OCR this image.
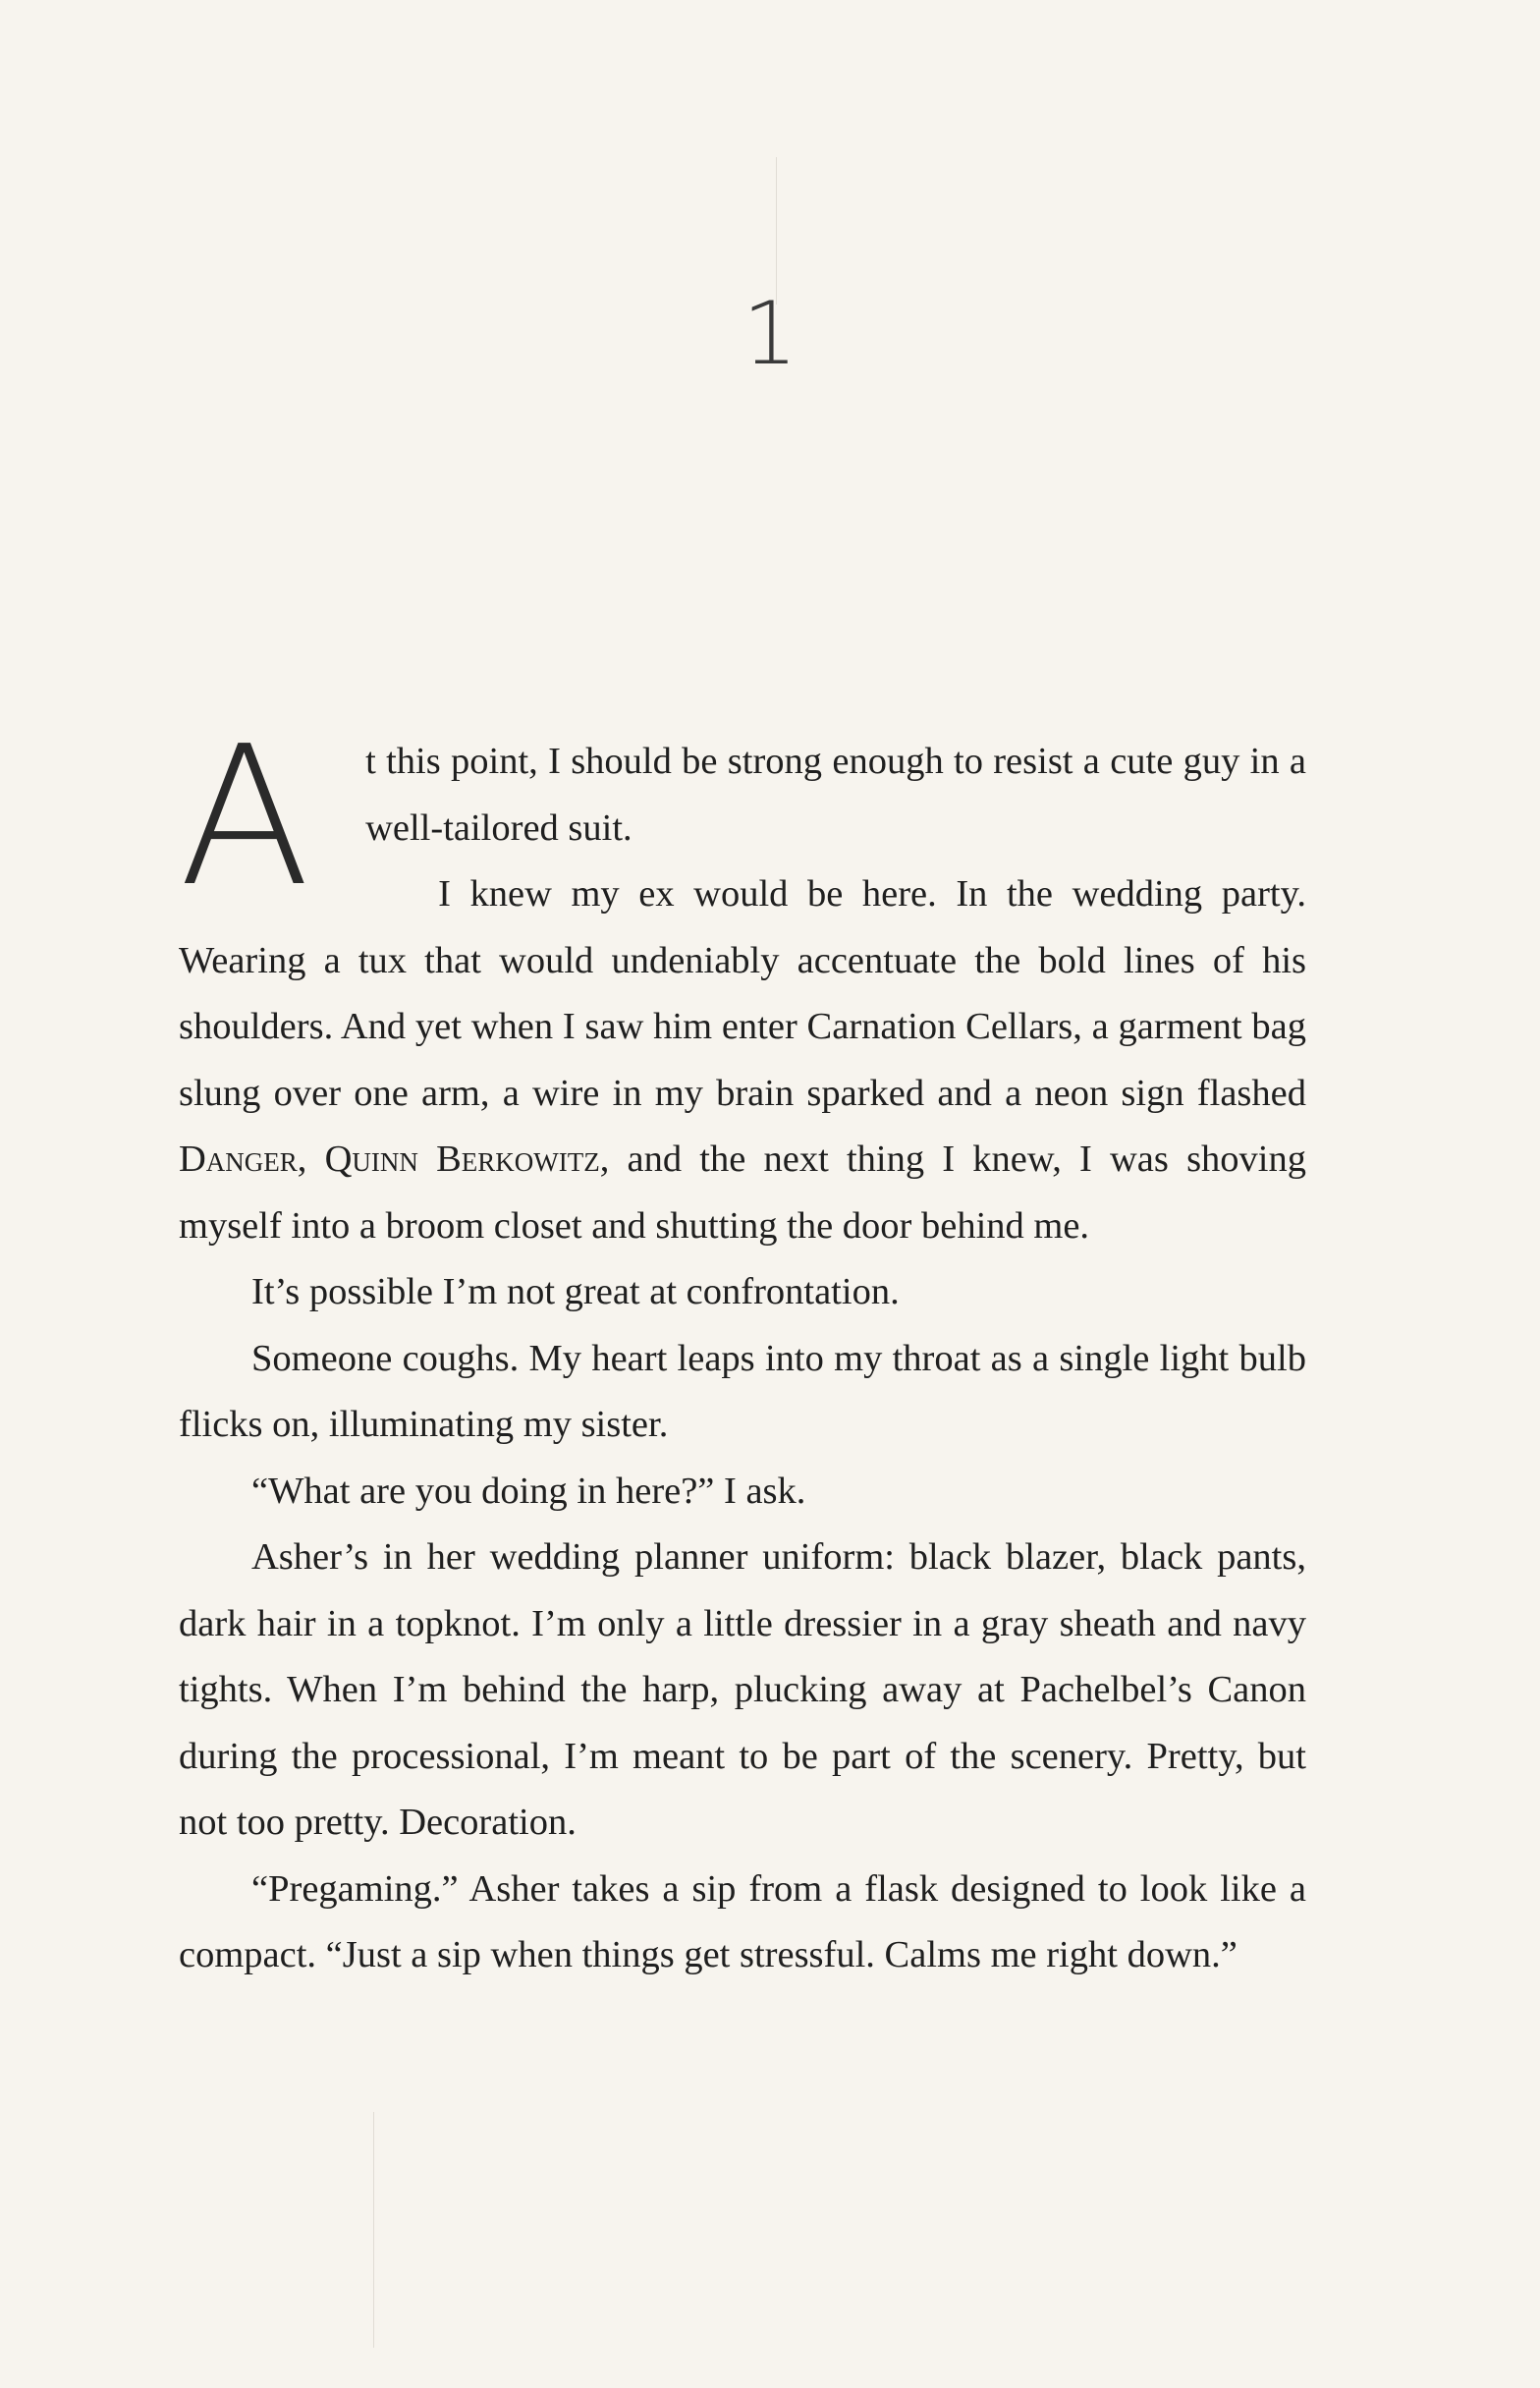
1

A t this point, I should be strong enough to resist a cute guy in a well-tailored suit.

I knew my ex would be here. In the wedding party. Wearing a tux that would undeniably accentuate the bold lines of his shoulders. And yet when I saw him enter Carnation Cellars, a garment bag slung over one arm, a wire in my brain sparked and a neon sign flashed Danger, Quinn Berkowitz, and the next thing I knew, I was shoving myself into a broom closet and shutting the door behind me.

It’s possible I’m not great at confrontation.

Someone coughs. My heart leaps into my throat as a single light bulb flicks on, illuminating my sister.

“What are you doing in here?” I ask.

Asher’s in her wedding planner uniform: black blazer, black pants, dark hair in a topknot. I’m only a little dressier in a gray sheath and navy tights. When I’m behind the harp, plucking away at Pachelbel’s Canon during the processional, I’m meant to be part of the scenery. Pretty, but not too pretty. Decoration.

“Pregaming.” Asher takes a sip from a flask designed to look like a compact. “Just a sip when things get stressful. Calms me right down.”
